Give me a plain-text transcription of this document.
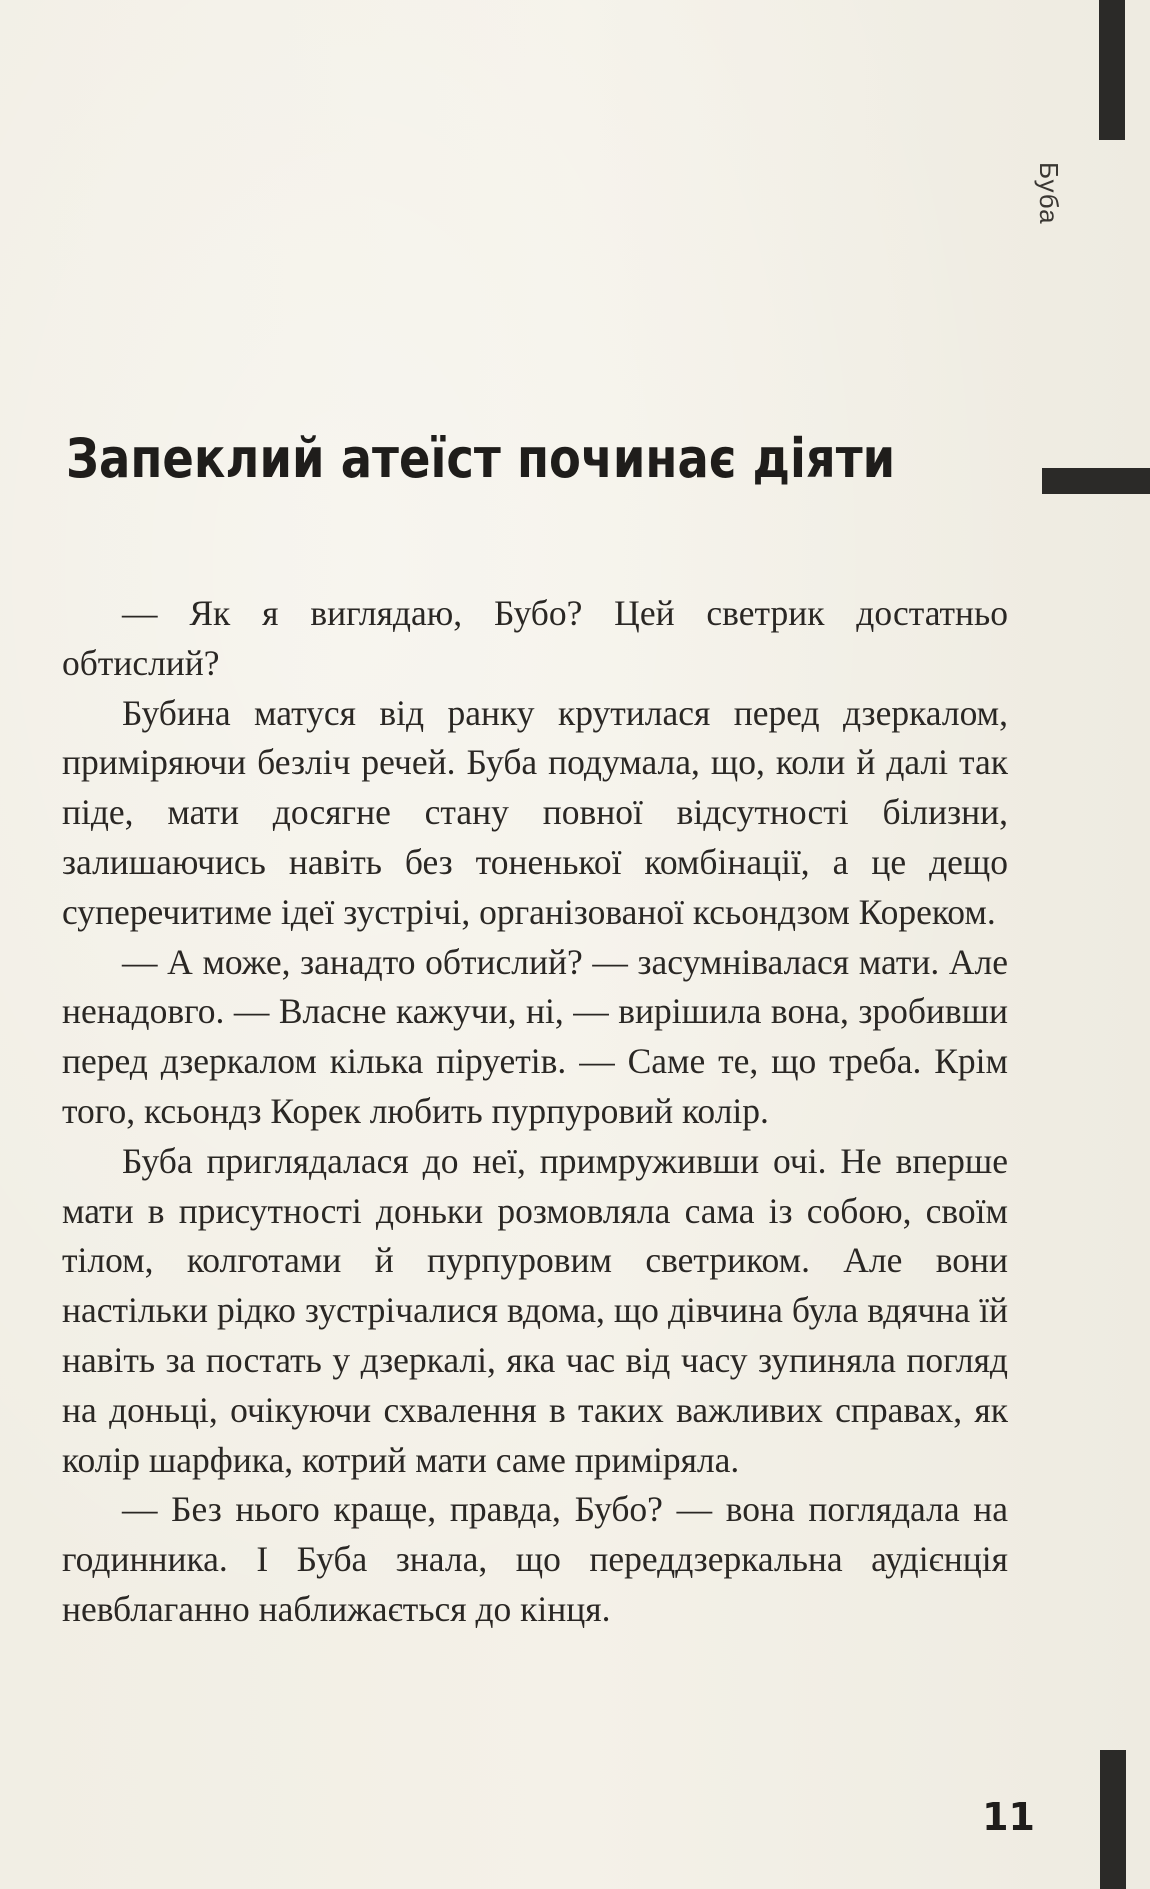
Буба
Запеклий атеїст починає діяти

— Як я виглядаю, Бубо? Цей светрик достатньо обтислий?

Бубина матуся від ранку крутилася перед дзеркалом, приміряючи безліч речей. Буба подумала, що, коли й далі так піде, мати досягне стану повної відсутності білизни, залишаючись навіть без тоненької комбінації, а це дещо суперечитиме ідеї зустрічі, організованої ксьондзом Кореком.

— А може, занадто обтислий? — засумнівалася мати. Але ненадовго. — Власне кажучи, ні, — вирішила вона, зробивши перед дзеркалом кілька піруетів. — Саме те, що треба. Крім того, ксьондз Корек любить пурпуровий колір.

Буба приглядалася до неї, примруживши очі. Не вперше мати в присутності доньки розмовляла сама із собою, своїм тілом, колготами й пурпуровим светриком. Але вони настільки рідко зустрічалися вдома, що дівчина була вдячна їй навіть за постать у дзеркалі, яка час від часу зупиняла погляд на доньці, очікуючи схвалення в таких важливих справах, як колір шарфика, котрий мати саме приміряла.

— Без нього краще, правда, Бубо? — вона поглядала на годинника. І Буба знала, що переддзеркальна аудієнція невблаганно наближається до кінця.

11
